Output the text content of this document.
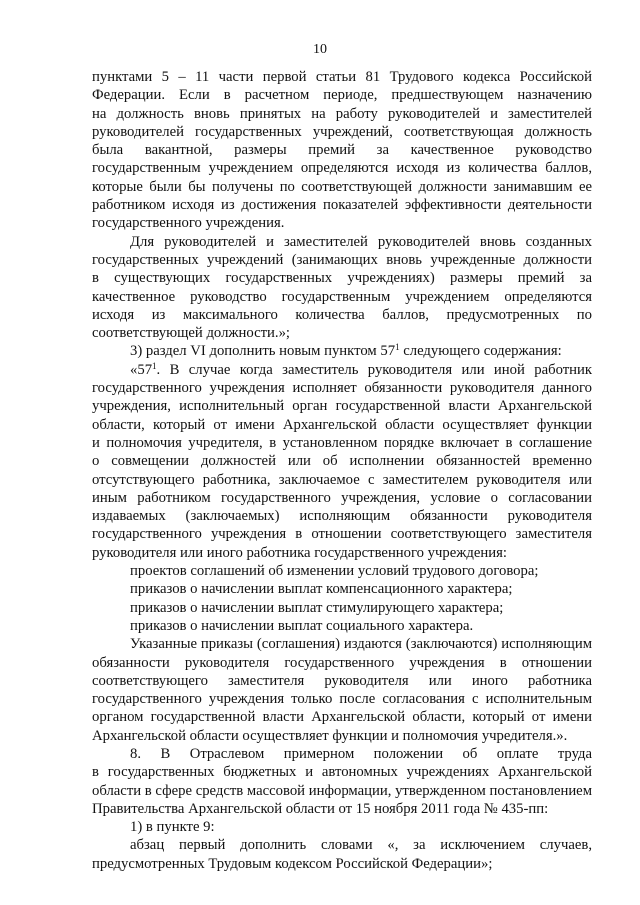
10
пунктами 5 – 11 части первой статьи 81 Трудового кодекса Российской
Федерации. Если в расчетном периоде, предшествующем назначению
на должность вновь принятых на работу руководителей и заместителей
руководителей государственных учреждений, соответствующая должность
была вакантной, размеры премий за качественное руководство
государственным учреждением определяются исходя из количества баллов,
которые были бы получены по соответствующей должности занимавшим ее
работником исходя из достижения показателей эффективности деятельности
государственного учреждения.
Для руководителей и заместителей руководителей вновь созданных
государственных учреждений (занимающих вновь учрежденные должности
в существующих государственных учреждениях) размеры премий за
качественное руководство государственным учреждением определяются
исходя из максимального количества баллов, предусмотренных по
соответствующей должности.»;
3) раздел VI дополнить новым пунктом $57^1$ следующего содержания:
«$57^1$. В случае когда заместитель руководителя или иной работник
государственного учреждения исполняет обязанности руководителя данного
учреждения, исполнительный орган государственной власти Архангельской
области, который от имени Архангельской области осуществляет функции
и полномочия учредителя, в установленном порядке включает в соглашение
о совмещении должностей или об исполнении обязанностей временно
отсутствующего работника, заключаемое с заместителем руководителя или
иным работником государственного учреждения, условие о согласовании
издаваемых (заключаемых) исполняющим обязанности руководителя
государственного учреждения в отношении соответствующего заместителя
руководителя или иного работника государственного учреждения:
проектов соглашений об изменении условий трудового договора;
приказов о начислении выплат компенсационного характера;
приказов о начислении выплат стимулирующего характера;
приказов о начислении выплат социального характера.
Указанные приказы (соглашения) издаются (заключаются) исполняющим
обязанности руководителя государственного учреждения в отношении
соответствующего заместителя руководителя или иного работника
государственного учреждения только после согласования с исполнительным
органом государственной власти Архангельской области, который от имени
Архангельской области осуществляет функции и полномочия учредителя.».
8. В Отраслевом примерном положении об оплате труда
в государственных бюджетных и автономных учреждениях Архангельской
области в сфере средств массовой информации, утвержденном постановлением
Правительства Архангельской области от 15 ноября 2011 года № 435-пп:
1) в пункте 9:
абзац первый дополнить словами «, за исключением случаев,
предусмотренных Трудовым кодексом Российской Федерации»;
